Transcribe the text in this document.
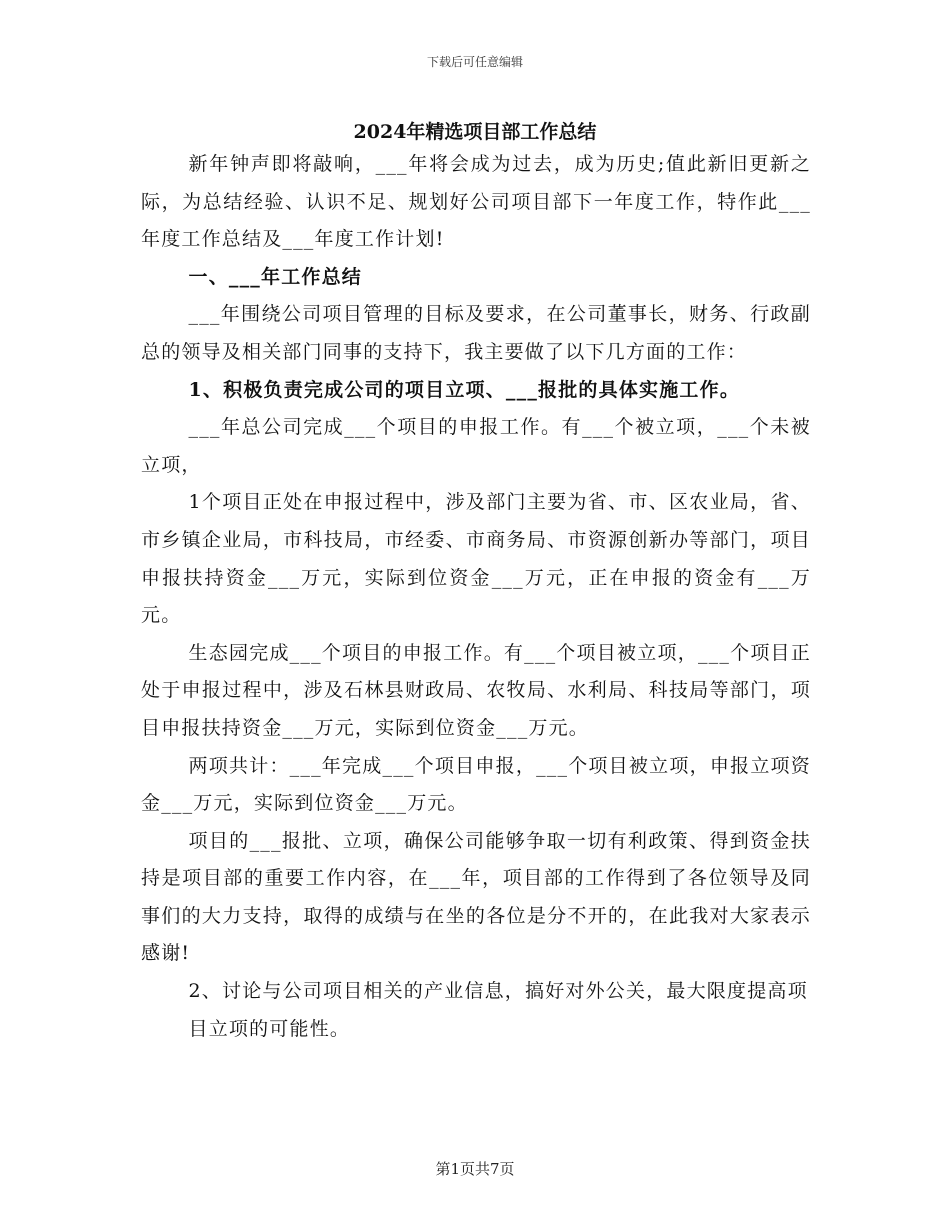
下载后可任意编辑
2024年精选项目部工作总结

新年钟声即将敲响，___年将会成为过去，成为历史;值此新旧更新之际，为总结经验、认识不足、规划好公司项目部下一年度工作，特作此___年度工作总结及___年度工作计划!

一、___年工作总结

___年围绕公司项目管理的目标及要求，在公司董事长，财务、行政副总的领导及相关部门同事的支持下，我主要做了以下几方面的工作：

1、积极负责完成公司的项目立项、___报批的具体实施工作。

___年总公司完成___个项目的申报工作。有___个被立项，___个未被立项，

1个项目正处在申报过程中，涉及部门主要为省、市、区农业局，省、市乡镇企业局，市科技局，市经委、市商务局、市资源创新办等部门，项目申报扶持资金___万元，实际到位资金___万元，正在申报的资金有___万元。

生态园完成___个项目的申报工作。有___个项目被立项，___个项目正处于申报过程中，涉及石林县财政局、农牧局、水利局、科技局等部门，项目申报扶持资金___万元，实际到位资金___万元。

两项共计：___年完成___个项目申报，___个项目被立项，申报立项资金___万元，实际到位资金___万元。

项目的___报批、立项，确保公司能够争取一切有利政策、得到资金扶持是项目部的重要工作内容，在___年，项目部的工作得到了各位领导及同事们的大力支持，取得的成绩与在坐的各位是分不开的，在此我对大家表示感谢!

2、讨论与公司项目相关的产业信息，搞好对外公关，最大限度提高项

目立项的可能性。

第1页共7页
